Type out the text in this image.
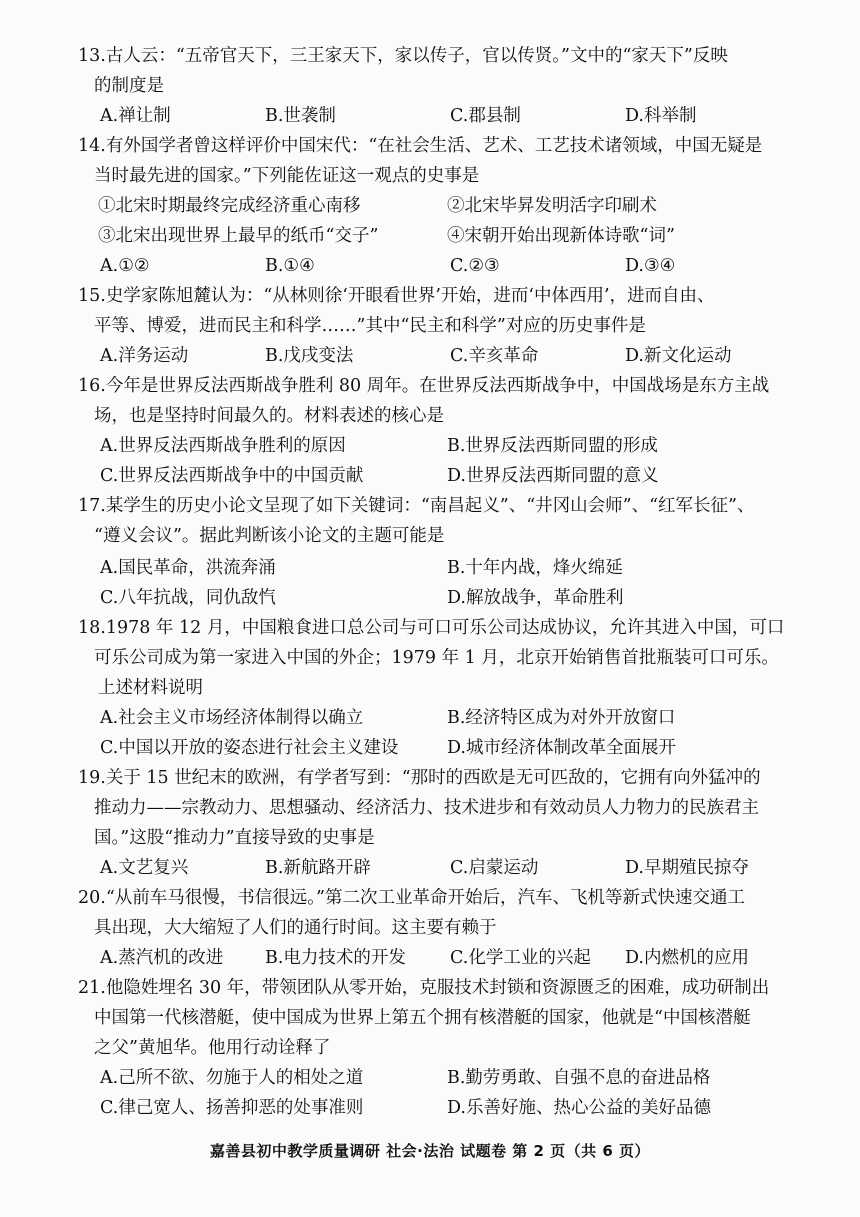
13.古人云：“五帝官天下，三王家天下，家以传子，官以传贤。”文中的“家天下”反映
的制度是
A.禅让制	B.世袭制	C.郡县制	D.科举制
14.有外国学者曾这样评价中国宋代：“在社会生活、艺术、工艺技术诸领域，中国无疑是
当时最先进的国家。”下列能佐证这一观点的史事是
①北宋时期最终完成经济重心南移	②北宋毕昇发明活字印刷术
③北宋出现世界上最早的纸币“交子”	④宋朝开始出现新体诗歌“词”
A.①②	B.①④	C.②③	D.③④
15.史学家陈旭麓认为：“从林则徐‘开眼看世界’开始，进而‘中体西用’，进而自由、
平等、博爱，进而民主和科学……”其中“民主和科学”对应的历史事件是
A.洋务运动	B.戊戌变法	C.辛亥革命	D.新文化运动
16.今年是世界反法西斯战争胜利 80 周年。在世界反法西斯战争中，中国战场是东方主战
场，也是坚持时间最久的。材料表述的核心是
A.世界反法西斯战争胜利的原因	B.世界反法西斯同盟的形成
C.世界反法西斯战争中的中国贡献	D.世界反法西斯同盟的意义
17.某学生的历史小论文呈现了如下关键词：“南昌起义”、“井冈山会师”、“红军长征”、
“遵义会议”。据此判断该小论文的主题可能是
A.国民革命，洪流奔涌	B.十年内战，烽火绵延
C.八年抗战，同仇敌忾	D.解放战争，革命胜利
18.1978 年 12 月，中国粮食进口总公司与可口可乐公司达成协议，允许其进入中国，可口
可乐公司成为第一家进入中国的外企；1979 年 1 月，北京开始销售首批瓶装可口可乐。
上述材料说明
A.社会主义市场经济体制得以确立	B.经济特区成为对外开放窗口
C.中国以开放的姿态进行社会主义建设	D.城市经济体制改革全面展开
19.关于 15 世纪末的欧洲，有学者写到：“那时的西欧是无可匹敌的，它拥有向外猛冲的
推动力——宗教动力、思想骚动、经济活力、技术进步和有效动员人力物力的民族君主
国。”这股“推动力”直接导致的史事是
A.文艺复兴	B.新航路开辟	C.启蒙运动	D.早期殖民掠夺
20.“从前车马很慢，书信很远。”第二次工业革命开始后，汽车、飞机等新式快速交通工
具出现，大大缩短了人们的通行时间。这主要有赖于
A.蒸汽机的改进 B.电力技术的开发	C.化学工业的兴起 D.内燃机的应用
21.他隐姓埋名 30 年，带领团队从零开始，克服技术封锁和资源匮乏的困难，成功研制出
中国第一代核潜艇，使中国成为世界上第五个拥有核潜艇的国家，他就是“中国核潜艇
之父”黄旭华。他用行动诠释了
A.己所不欲、勿施于人的相处之道	B.勤劳勇敢、自强不息的奋进品格
C.律己宽人、扬善抑恶的处事准则	D.乐善好施、热心公益的美好品德
嘉善县初中教学质量调研 社会·法治 试题卷 第 2 页（共 6 页）
